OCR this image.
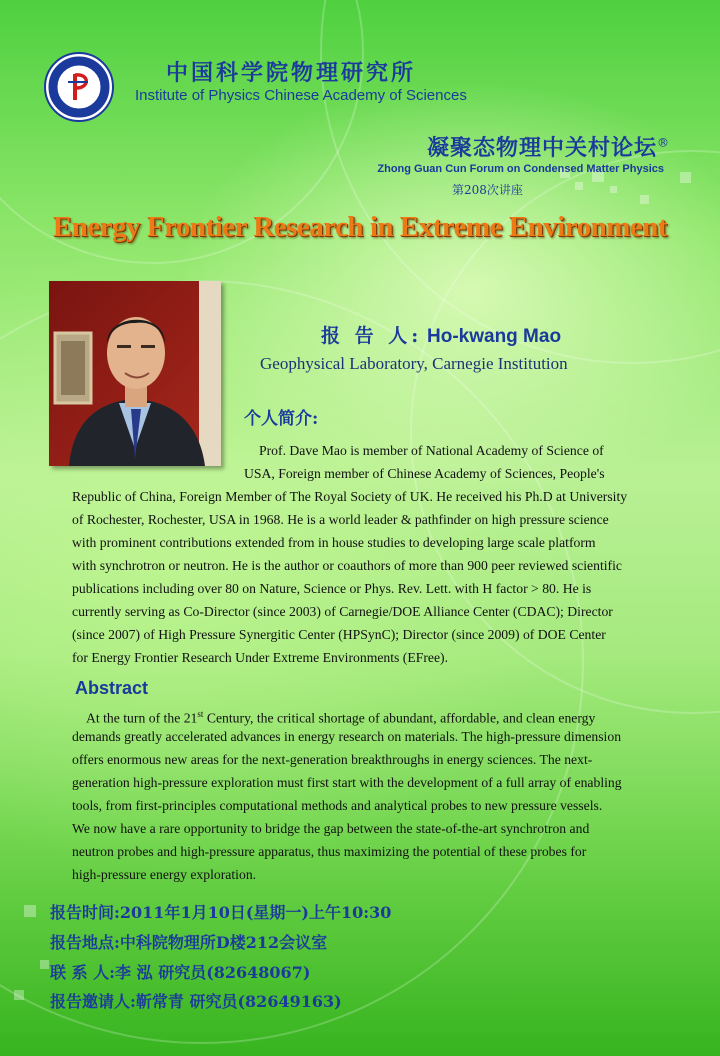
中国科学院物理研究所
Institute of Physics Chinese Academy of Sciences
凝聚态物理中关村论坛®
Zhong Guan Cun Forum on Condensed Matter Physics
第208次讲座
Energy Frontier Research in Extreme Environment
报 告 人: Ho-kwang Mao
Geophysical Laboratory, Carnegie Institution
个人简介:
Prof. Dave Mao is member of National Academy of Science of
USA, Foreign member of Chinese Academy of Sciences, People's
Republic of China, Foreign Member of The Royal Society of UK. He received his Ph.D at University
of Rochester, Rochester, USA in 1968. He is a world leader & pathfinder on high pressure science
with prominent contributions extended from in house studies to developing large scale platform
with synchrotron or neutron. He is the author or coauthors of more than 900 peer reviewed scientific
publications including over 80 on Nature, Science or Phys. Rev. Lett. with H factor > 80. He is
currently serving as Co-Director (since 2003) of Carnegie/DOE Alliance Center (CDAC); Director
(since 2007) of High Pressure Synergitic Center (HPSynC); Director (since 2009) of DOE Center
for Energy Frontier Research Under Extreme Environments (EFree).
Abstract
At the turn of the 21st Century, the critical shortage of abundant, affordable, and clean energy
demands greatly accelerated advances in energy research on materials. The high-pressure dimension
offers enormous new areas for the next-generation breakthroughs in energy sciences. The next-
generation high-pressure exploration must first start with the development of a full array of enabling
tools, from first-principles computational methods and analytical probes to new pressure vessels.
We now have a rare opportunity to bridge the gap between the state-of-the-art synchrotron and
neutron probes and high-pressure apparatus, thus maximizing the potential of these probes for
high-pressure energy exploration.
报告时间:2011年1月10日(星期一)上午10:30
报告地点:中科院物理所D楼212会议室
联 系 人:李 泓 研究员(82648067)
报告邀请人:靳常青 研究员(82649163)
